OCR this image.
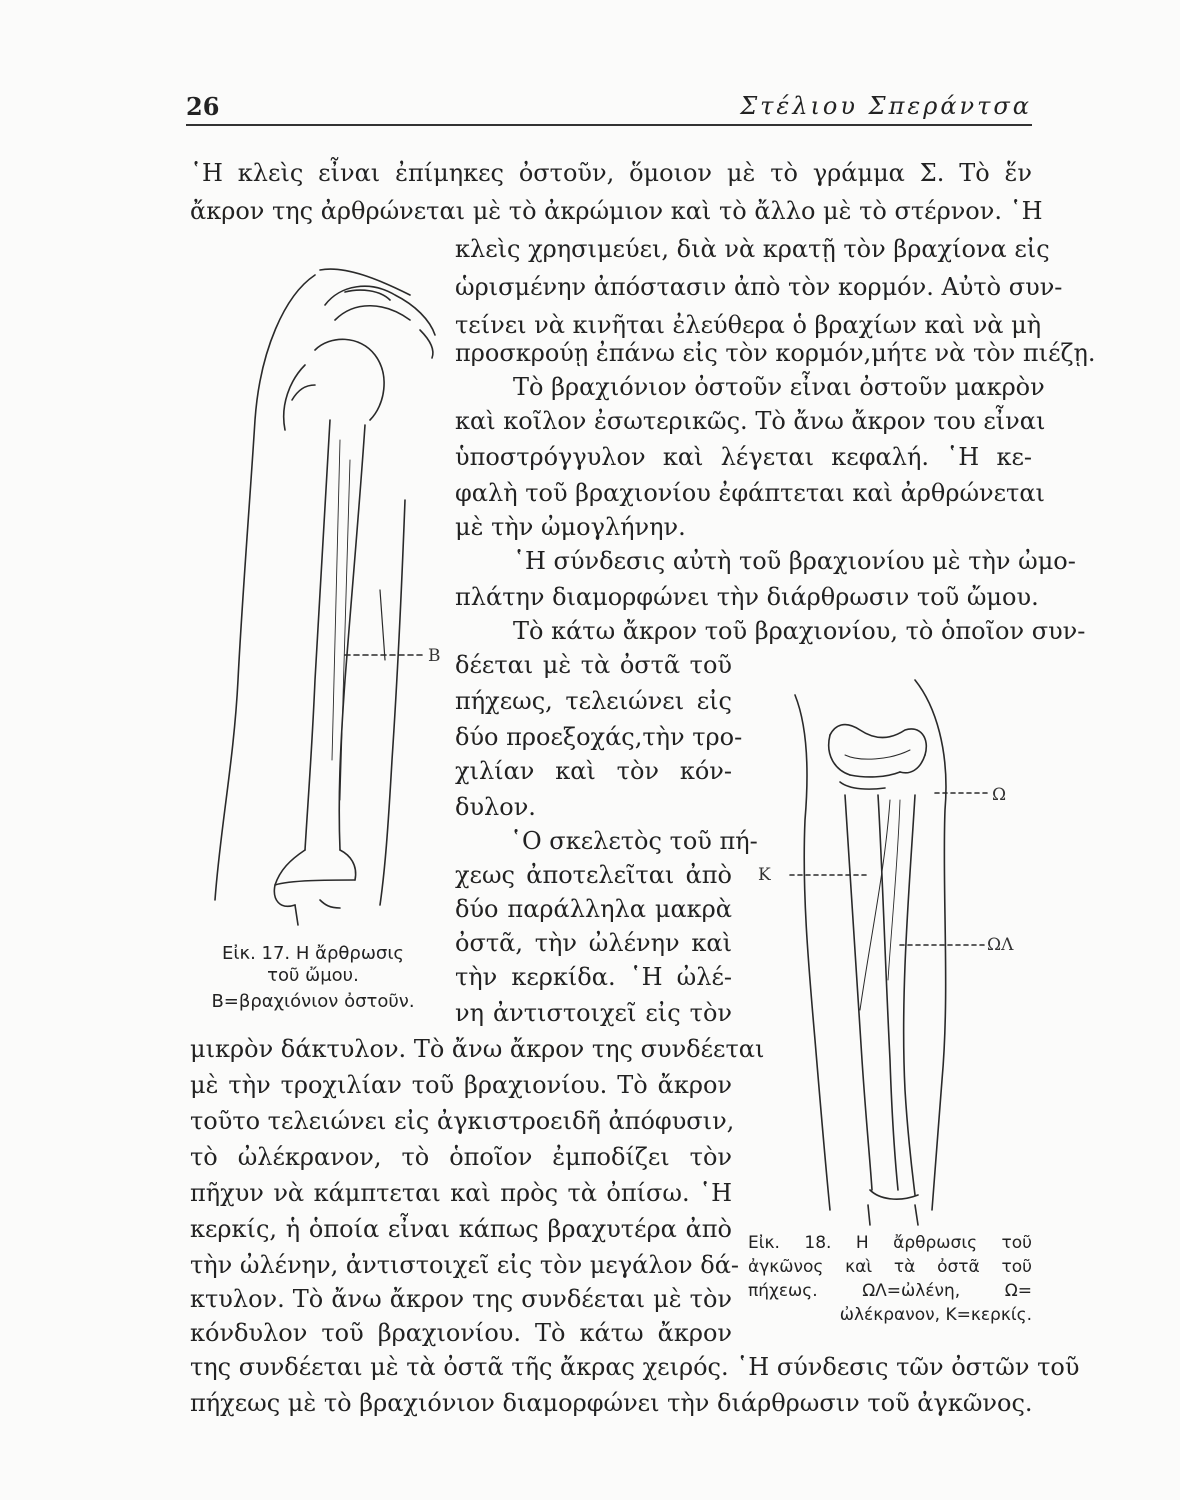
26	Στέλιου Σπεράντσα
῾Η κλεὶς εἶναι ἐπίμηκες ὀστοῦν, ὅμοιον μὲ τὸ γράμμα Σ. Τὸ ἕν
ἄκρον της ἀρθρώνεται μὲ τὸ ἀκρώμιον καὶ τὸ ἄλλο μὲ τὸ στέρνον. ῾Η
κλεὶς χρησιμεύει, διὰ νὰ κρατῇ τὸν βραχίονα εἰς
ὡρισμένην ἀπόστασιν ἀπὸ τὸν κορμόν. Αὐτὸ συν-
τείνει νὰ κινῆται ἐλεύθερα ὁ βραχίων καὶ νὰ μὴ
προσκρούῃ ἐπάνω εἰς τὸν κορμόν,μήτε νὰ τὸν πιέζῃ.
Τὸ βραχιόνιον ὀστοῦν εἶναι ὀστοῦν μακρὸν
καὶ κοῖλον ἐσωτερικῶς. Τὸ ἄνω ἄκρον του εἶναι
ὑποστρόγγυλον καὶ λέγεται κεφαλή. ῾Η κε-
φαλὴ τοῦ βραχιονίου ἐφάπτεται καὶ ἀρθρώνεται
μὲ τὴν ὠμογλήνην.
῾Η σύνδεσις αὐτὴ τοῦ βραχιονίου μὲ τὴν ὠμο-
πλάτην διαμορφώνει τὴν διάρθρωσιν τοῦ ὤμου.
Τὸ κάτω ἄκρον τοῦ βραχιονίου, τὸ ὁποῖον συν-
δέεται μὲ τὰ ὀστᾶ τοῦ
πήχεως, τελειώνει εἰς
δύο προεξοχάς,τὴν τρο-
χιλίαν καὶ τὸν κόν-
δυλον.
῾Ο σκελετὸς τοῦ πή-
χεως ἀποτελεῖται ἀπὸ
δύο παράλληλα μακρὰ
ὀστᾶ, τὴν ὠλένην καὶ
τὴν κερκίδα. ῾Η ὠλέ-
νη ἀντιστοιχεῖ εἰς τὸν
μικρὸν δάκτυλον. Τὸ ἄνω ἄκρον της συνδέεται
μὲ τὴν τροχιλίαν τοῦ βραχιονίου. Τὸ ἄκρον
τοῦτο τελειώνει εἰς ἀγκιστροειδῆ ἀπόφυσιν,
τὸ ὠλέκρανον, τὸ ὁποῖον ἐμποδίζει τὸν
πῆχυν νὰ κάμπτεται καὶ πρὸς τὰ ὀπίσω. ῾Η
κερκίς, ἡ ὁποία εἶναι κάπως βραχυτέρα ἀπὸ
τὴν ὠλένην, ἀντιστοιχεῖ εἰς τὸν μεγάλον δά-
κτυλον. Τὸ ἄνω ἄκρον της συνδέεται μὲ τὸν
κόνδυλον τοῦ βραχιονίου. Τὸ κάτω ἄκρον
της συνδέεται μὲ τὰ ὀστᾶ τῆς ἄκρας χειρός. ῾Η σύνδεσις τῶν ὀστῶν τοῦ
πήχεως μὲ τὸ βραχιόνιον διαμορφώνει τὴν διάρθρωσιν τοῦ ἀγκῶνος.
B
Εἰκ. 17. Η ἄρθρωσις
τοῦ ὤμου.
Β=βραχιόνιον ὀστοῦν.
Ω
Κ
ΩΛ
Εἰκ. 18. Η ἄρθρωσις τοῦ
ἀγκῶνος καὶ τὰ ὀστᾶ τοῦ
πήχεως. ΩΛ=ὠλένη, Ω=
ὠλέκρανον, Κ=κερκίς.
